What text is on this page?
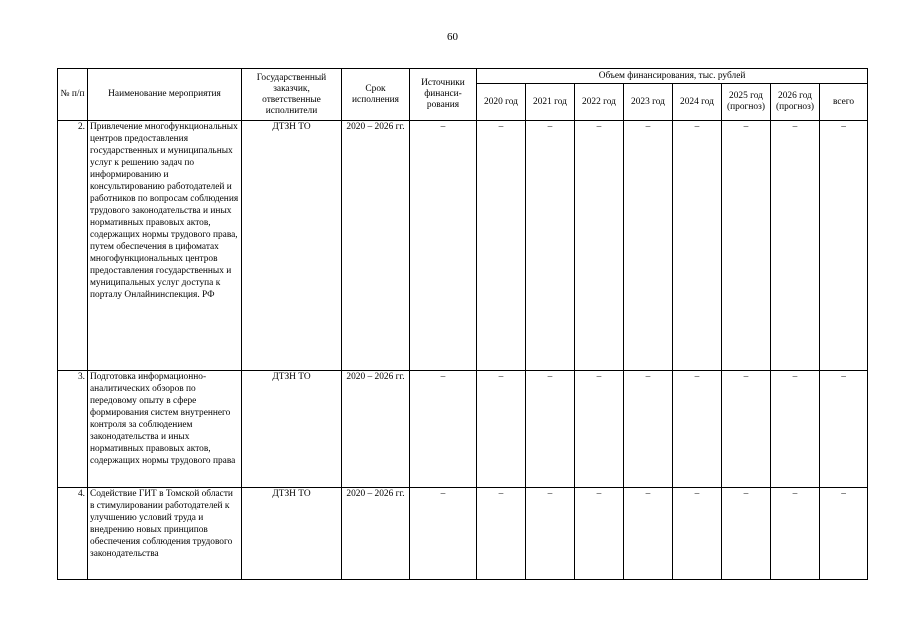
60
№ п/п	Наименование мероприятия	Государственный заказчик, ответственные исполнители	Срок исполнения	Источники финанси-рования	Объем финансирования, тыс. рублей							
					2020 год	2021 год	2022 год	2023 год	2024 год	2025 год (прогноз)	2026 год (прогноз)	всего
2.	Привлечение многофункциональных центров предоставления государственных и муниципальных услуг к решению задач по информированию и консультированию работодателей и работников по вопросам соблюдения трудового законодательства и иных нормативных правовых актов, содержащих нормы трудового права, путем обеспечения в цифоматах многофункциональных центров предоставления государственных и муниципальных услуг доступа к порталу Онлайнинспекция. РФ	ДТЗН ТО	2020 – 2026 гг.	–	–	–	–	–	–	–	–	–
3.	Подготовка информационно-аналитических обзоров по передовому опыту в сфере формирования систем внутреннего контроля за соблюдением законодательства и иных нормативных правовых актов, содержащих нормы трудового права	ДТЗН ТО	2020 – 2026 гг.	–	–	–	–	–	–	–	–	–
4.	Содействие ГИТ в Томской области в стимулировании работодателей к улучшению условий труда и внедрению новых принципов обеспечения соблюдения трудового законодательства	ДТЗН ТО	2020 – 2026 гг.	–	–	–	–	–	–	–	–	–
